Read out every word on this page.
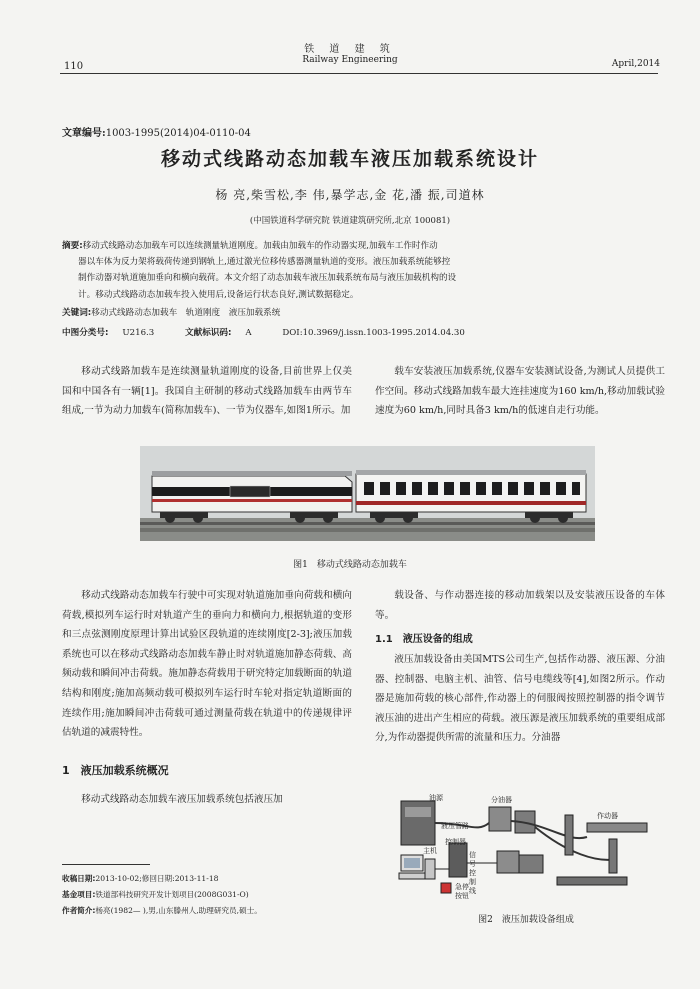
铁 道 建 筑
Railway Engineering
110	April,2014
文章编号:1003-1995(2014)04-0110-04
移动式线路动态加载车液压加载系统设计
杨 亮,柴雪松,李 伟,暴学志,金 花,潘 振,司道林
(中国铁道科学研究院 铁道建筑研究所,北京 100081)
摘要:移动式线路动态加载车可以连续测量轨道刚度。加载由加载车的作动器实现,加载车工作时作动
器以车体为反力架将载荷传递到钢轨上,通过激光位移传感器测量轨道的变形。液压加载系统能够控
制作动器对轨道施加垂向和横向载荷。本文介绍了动态加载车液压加载系统布局与液压加载机构的设
计。移动式线路动态加载车投入使用后,设备运行状态良好,测试数据稳定。
关键词:移动式线路动态加载车　轨道刚度　液压加载系统
中图分类号: U216.3	文献标识码: A	DOI:10.3969/j.issn.1003-1995.2014.04.30
移动式线路加载车是连续测量轨道刚度的设备,目前世界上仅美国和中国各有一辆[1]。我国自主研制的移动式线路加载车由两节车组成,一节为动力加载车(简称加载车)、一节为仪器车,如图1所示。加
载车安装液压加载系统,仪器车安装测试设备,为测试人员提供工作空间。移动式线路加载车最大连挂速度为160 km/h,移动加载试验速度为60 km/h,同时具备3 km/h的低速自走行功能。
图1　移动式线路动态加载车
移动式线路动态加载车行驶中可实现对轨道施加垂向荷载和横向荷载,模拟列车运行时对轨道产生的垂向力和横向力,根据轨道的变形和三点弦测刚度原理计算出试验区段轨道的连续刚度[2-3];液压加载系统也可以在移动式线路动态加载车静止时对轨道施加静态荷载、高频动载和瞬间冲击荷载。施加静态荷载用于研究特定加载断面的轨道结构和刚度;施加高频动载可模拟列车运行时车轮对指定轨道断面的连续作用;施加瞬间冲击荷载可通过测量荷载在轨道中的传递规律评估轨道的减震特性。
1　液压加载系统概况
移动式线路动态加载车液压加载系统包括液压加
载设备、与作动器连接的移动加载架以及安装液压设备的车体等。
1.1　液压设备的组成
液压加载设备由美国MTS公司生产,包括作动器、液压源、分油器、控制器、电脑主机、油管、信号电缆线等[4],如图2所示。作动器是施加荷载的核心部件,作动器上的伺服阀按照控制器的指令调节液压油的进出产生相应的荷载。液压源是液压加载系统的重要组成部分,为作动器提供所需的流量和压力。分油器
油源	分油器
液压管路
作动器
控制器
主机	信号控制线
急停按钮
图2　液压加载设备组成
收稿日期:2013-10-02;修回日期:2013-11-18
基金项目:铁道部科技研究开发计划项目(2008G031-O)
作者简介:杨亮(1982— ),男,山东滕州人,助理研究员,硕士。
